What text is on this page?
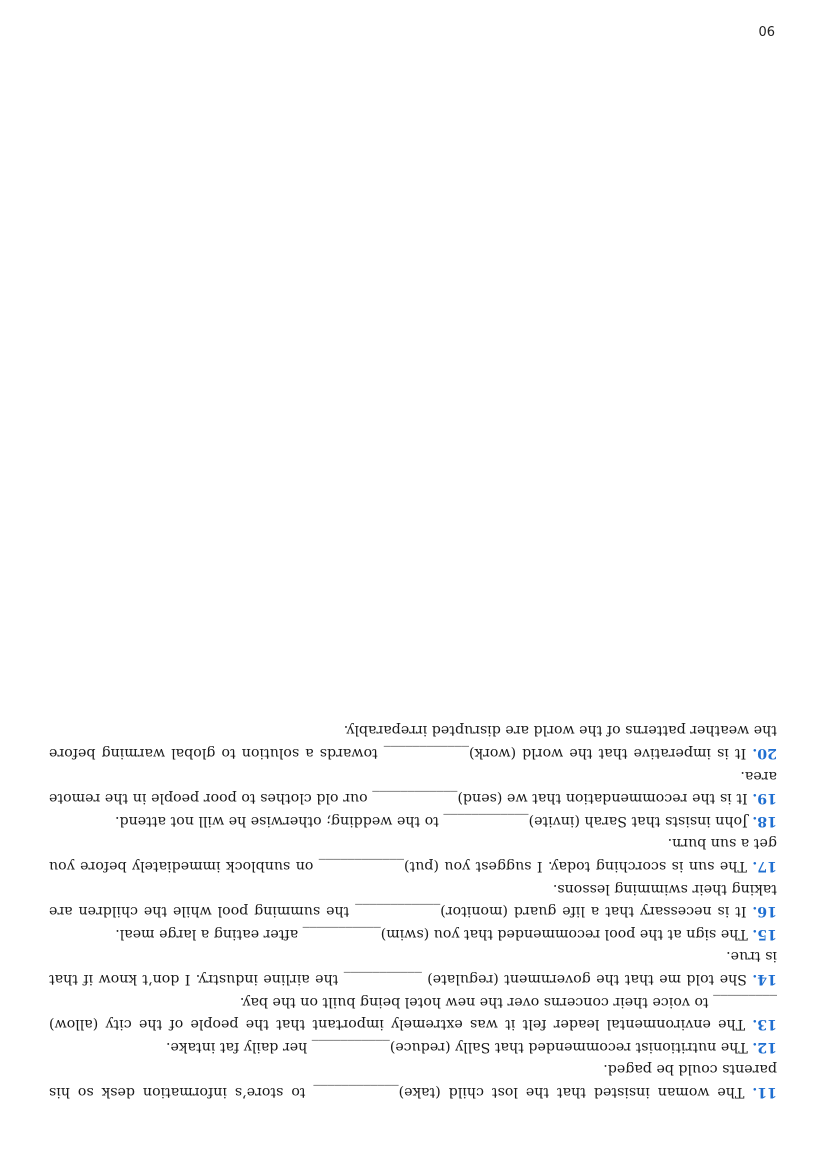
11. The woman insisted that the lost child (take)____________ to store’s information desk so his parents could be paged.
12. The nutritionist recommended that Sally (reduce)___________ her daily fat intake.
13. The environmental leader felt it was extremely important that the people of the city (allow) _________ to voice their concerns over the new hotel being built on the bay.
14. She told me that the government (regulate) ___________ the airline industry. I don’t know if that is true.
15. The sign at the pool recommended that you (swim)___________ after eating a large meal.
16. It is necessary that a life guard (monitor)____________ the summing pool while the children are taking their swimming lessons.
17. The sun is scorching today. I suggest you (put)____________ on sunblock immediately before you get a sun burn.
18. John insists that Sarah (invite)____________ to the wedding; otherwise he will not attend.
19. It is the recommendation that we (send)____________ our old clothes to poor people in the remote area.
20. It is imperative that the world (work)____________ towards a solution to global warming before the weather patterns of the world are disrupted irreparably.
90
